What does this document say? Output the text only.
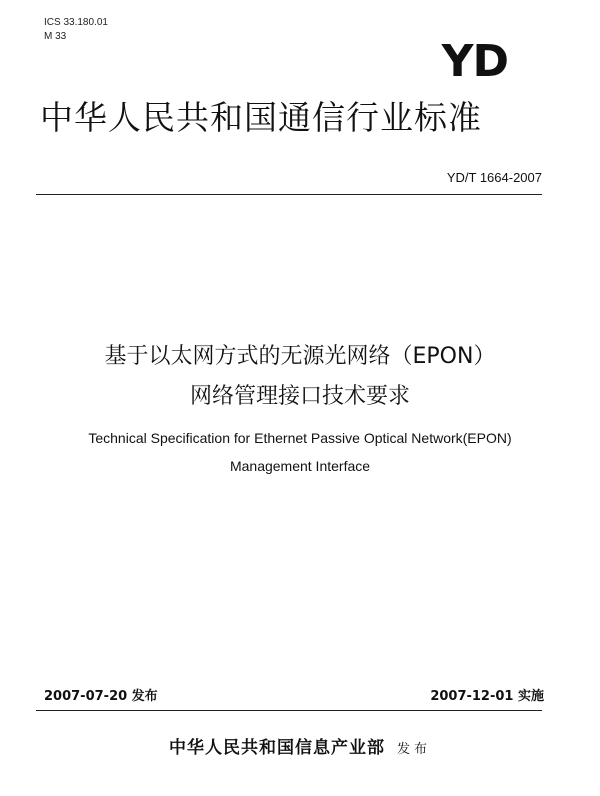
ICS 33.180.01
M 33	YD
中华人民共和国通信行业标准
YD/T 1664-2007
基于以太网方式的无源光网络（EPON）
网络管理接口技术要求
Technical Specification for Ethernet Passive Optical Network(EPON)
Management Interface
2007-07-20 发布	2007-12-01 实施
中华人民共和国信息产业部 发布
